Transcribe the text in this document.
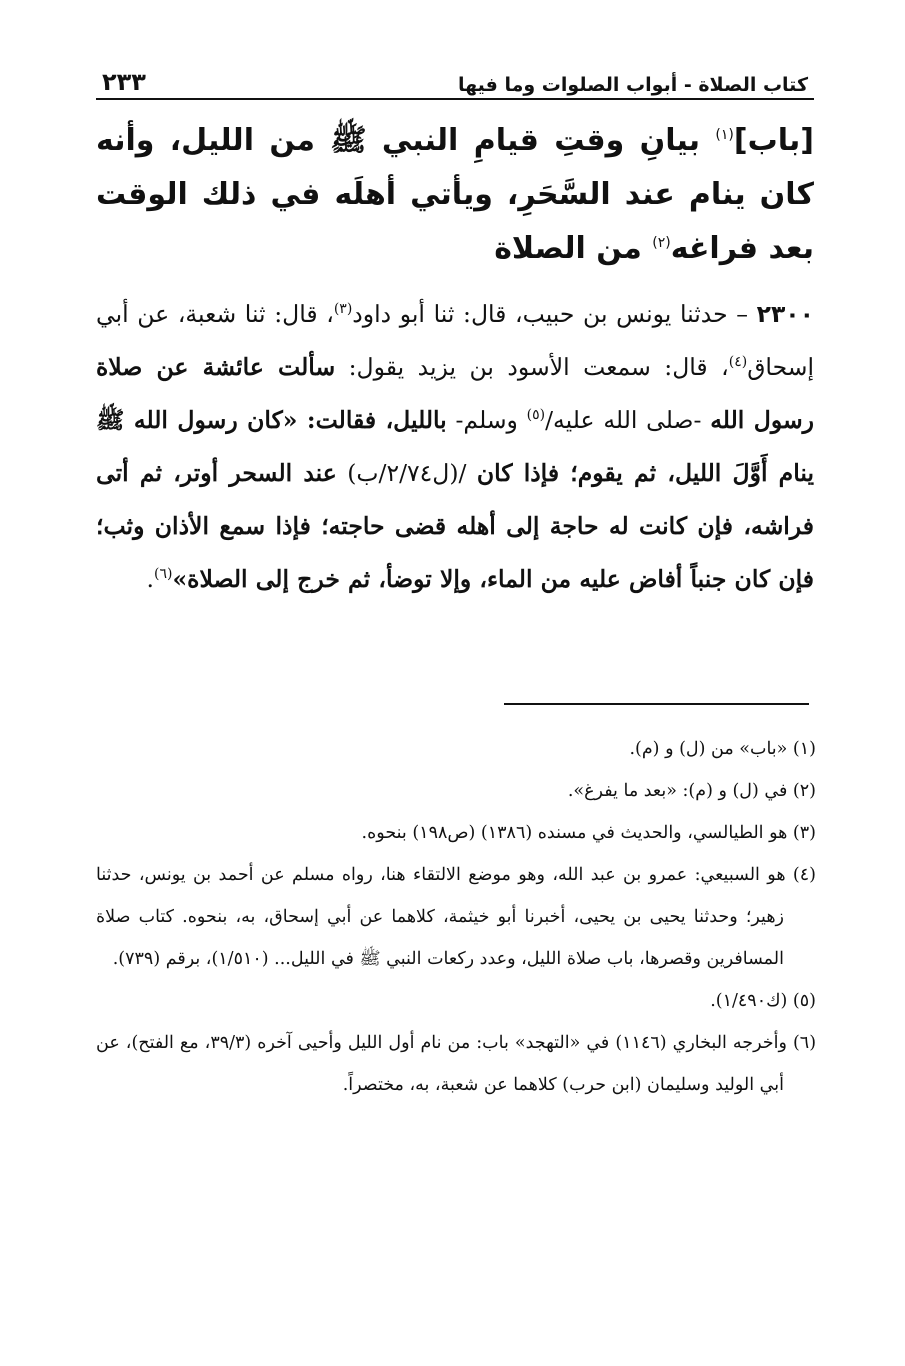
كتاب الصلاة - أبواب الصلوات وما فيها
٢٣٣
[باب]$^{(١)}$ بيانِ وقتِ قيامِ النبي ﷺ من الليل، وأنه كان ينام عند السَّحَرِ، ويأتي أهلَه في ذلك الوقت بعد فراغه$^{(٢)}$ من الصلاة
٢٣٠٠ – حدثنا يونس بن حبيب، قال: ثنا أبو داود$^{(٣)}$، قال: ثنا شعبة، عن أبي إسحاق$^{(٤)}$، قال: سمعت الأسود بن يزيد يقول: سألت عائشة عن صلاة رسول الله -صلى الله عليه/$^{(٥)}$ وسلم- بالليل، فقالت: «كان رسول الله ﷺ ينام أَوَّلَ الليل، ثم يقوم؛ فإذا كان /(ل٢/٧٤/ب) عند السحر أوتر، ثم أتى فراشه، فإن كانت له حاجة إلى أهله قضى حاجته؛ فإذا سمع الأذان وثب؛ فإن كان جنباً أفاض عليه من الماء، وإلا توضأ، ثم خرج إلى الصلاة»$^{(٦)}$.
(١) «باب» من (ل) و (م).
(٢) في (ل) و (م): «بعد ما يفرغ».
(٣) هو الطيالسي، والحديث في مسنده (١٣٨٦) (ص١٩٨) بنحوه.
(٤) هو السبيعي: عمرو بن عبد الله، وهو موضع الالتقاء هنا، رواه مسلم عن أحمد بن يونس، حدثنا زهير؛ وحدثنا يحيى بن يحيى، أخبرنا أبو خيثمة، كلاهما عن أبي إسحاق، به، بنحوه. كتاب صلاة المسافرين وقصرها، باب صلاة الليل، وعدد ركعات النبي ﷺ في الليل... (١/٥١٠)، برقم (٧٣٩).
(٥) (ك١/٤٩٠).
(٦) وأخرجه البخاري (١١٤٦) في «التهجد» باب: من نام أول الليل وأحيى آخره (٣٩/٣، مع الفتح)، عن أبي الوليد وسليمان (ابن حرب) كلاهما عن شعبة، به، مختصراً.
